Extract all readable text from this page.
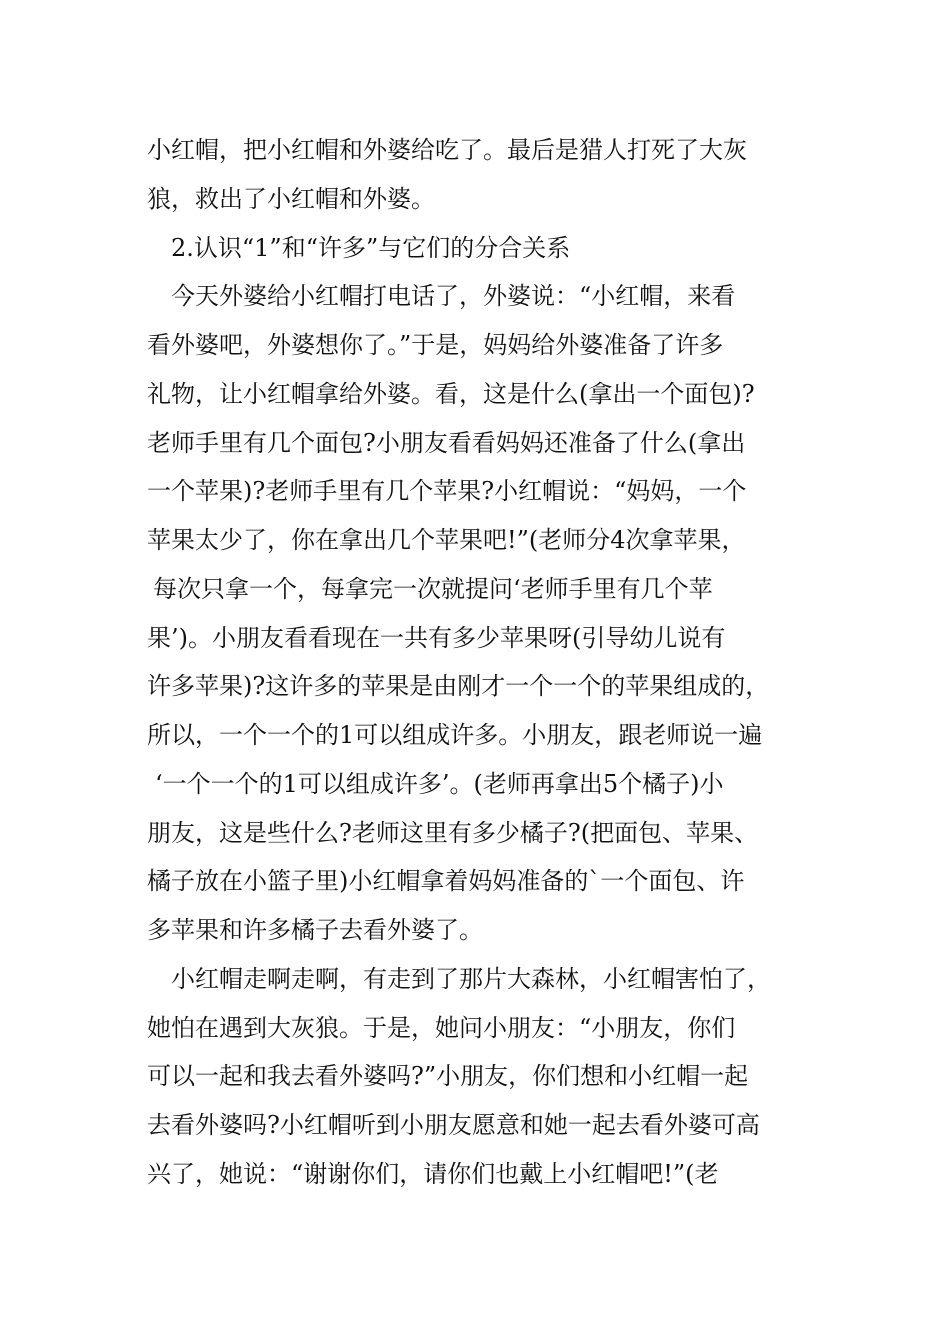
小红帽，把小红帽和外婆给吃了。最后是猎人打死了大灰
狼，救出了小红帽和外婆。
2.认识“1”和“许多”与它们的分合关系
今天外婆给小红帽打电话了，外婆说：“小红帽，来看
看外婆吧，外婆想你了。”于是，妈妈给外婆准备了许多
礼物，让小红帽拿给外婆。看，这是什么(拿出一个面包)?
老师手里有几个面包?小朋友看看妈妈还准备了什么(拿出
一个苹果)?老师手里有几个苹果?小红帽说：“妈妈，一个
苹果太少了，你在拿出几个苹果吧!”(老师分4次拿苹果，
每次只拿一个，每拿完一次就提问‘老师手里有几个苹
果’)。小朋友看看现在一共有多少苹果呀(引导幼儿说有
许多苹果)?这许多的苹果是由刚才一个一个的苹果组成的，
所以，一个一个的1可以组成许多。小朋友，跟老师说一遍
‘一个一个的1可以组成许多’。(老师再拿出5个橘子)小
朋友，这是些什么?老师这里有多少橘子?(把面包、苹果、
橘子放在小篮子里)小红帽拿着妈妈准备的`一个面包、许
多苹果和许多橘子去看外婆了。
小红帽走啊走啊，有走到了那片大森林，小红帽害怕了，
她怕在遇到大灰狼。于是，她问小朋友：“小朋友，你们
可以一起和我去看外婆吗?”小朋友，你们想和小红帽一起
去看外婆吗?小红帽听到小朋友愿意和她一起去看外婆可高
兴了，她说：“谢谢你们，请你们也戴上小红帽吧!”(老
